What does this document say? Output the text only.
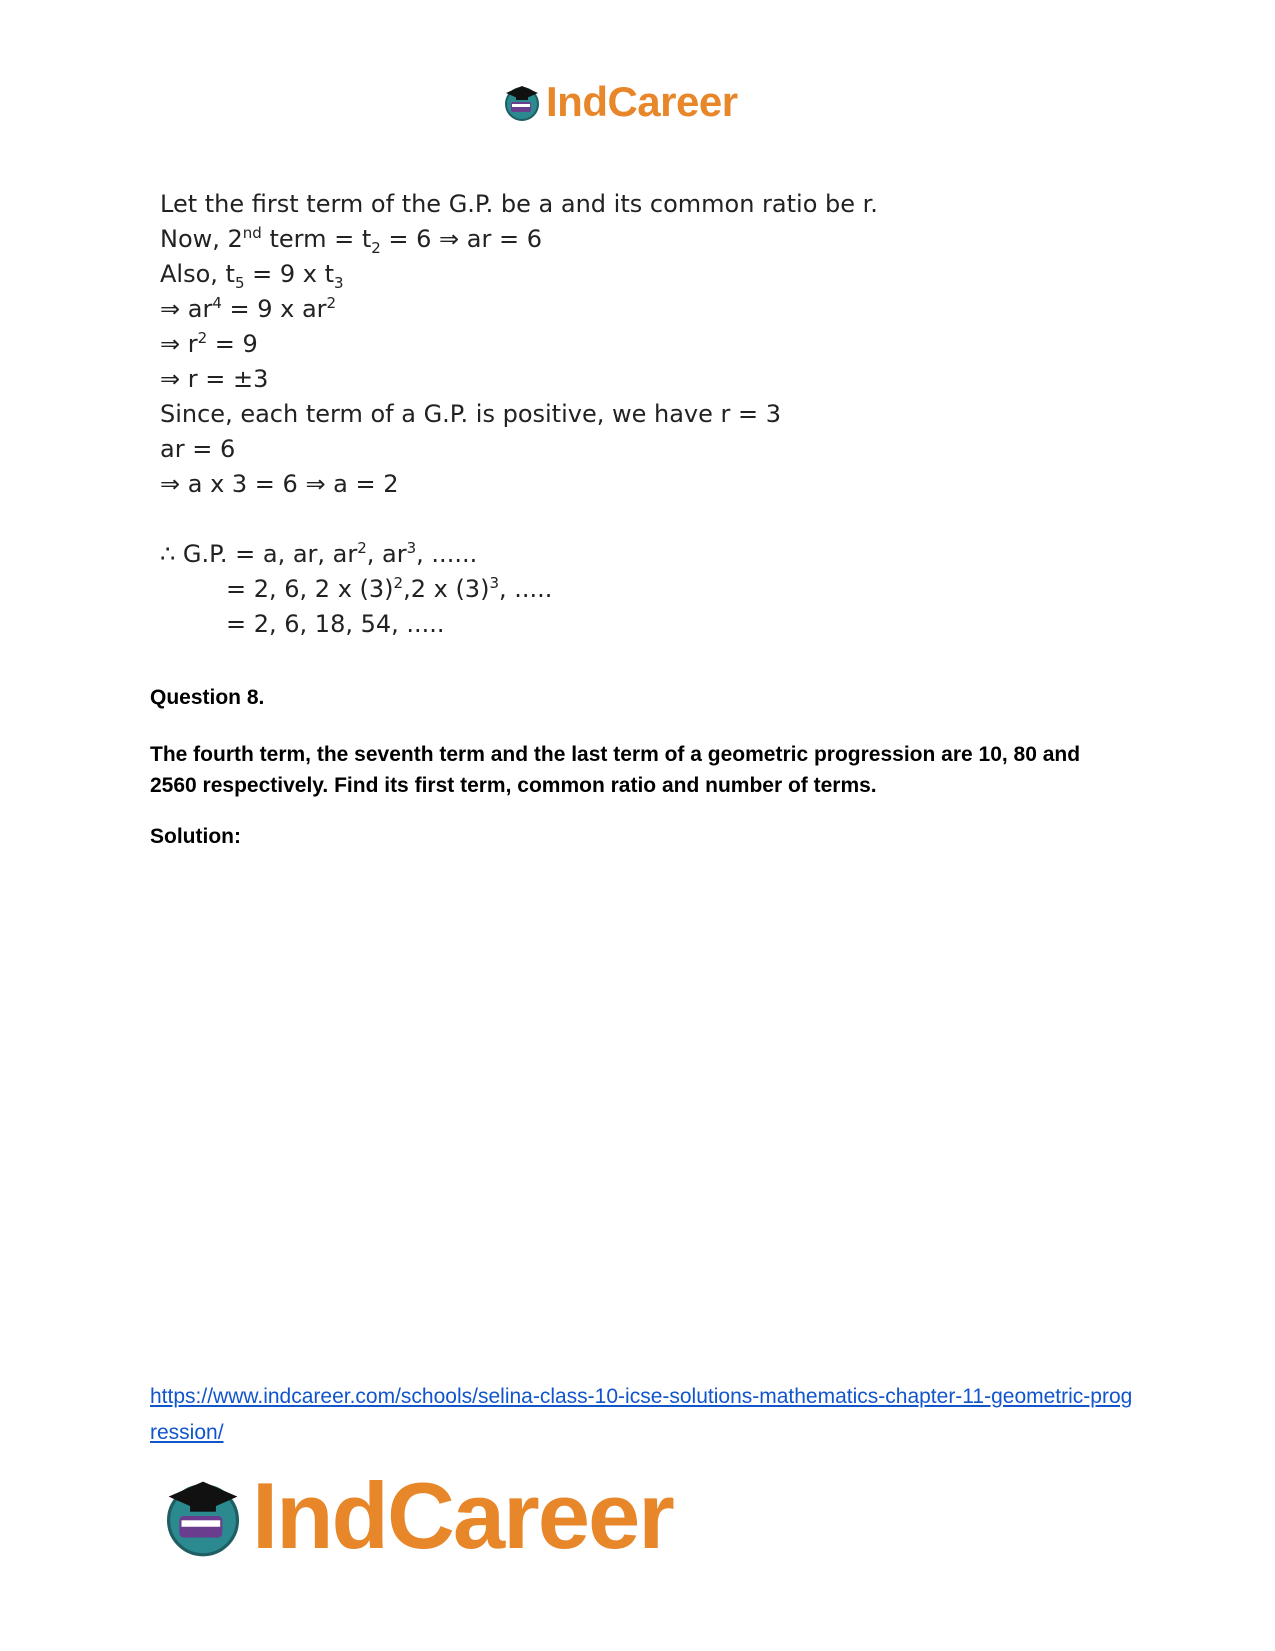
IndCareer
Let the first term of the G.P. be a and its common ratio be r.
Now, 2nd term = $t_2 = 6$ ⇒ ar = 6
Also, $t_5 = 9$ x $t_3$
⇒ $ar^4 = 9$ x $ar^2$
⇒ $r^2 = 9$
⇒ r = ±3
Since, each term of a G.P. is positive, we have r = 3
ar = 6
⇒ a x 3 = 6 ⇒ a = 2
∴ G.P. = a, ar, $ar^2$, $ar^3$, ......
= 2, 6, 2 x $(3)^2,2$ x $(3)^3$, .....
= 2, 6, 18, 54, .....
Question 8.
The fourth term, the seventh term and the last term of a geometric progression are 10, 80 and 2560 respectively. Find its first term, common ratio and number of terms.
Solution:
https://www.indcareer.com/schools/selina-class-10-icse-solutions-mathematics-chapter-11-geometric-progression/
IndCareer
